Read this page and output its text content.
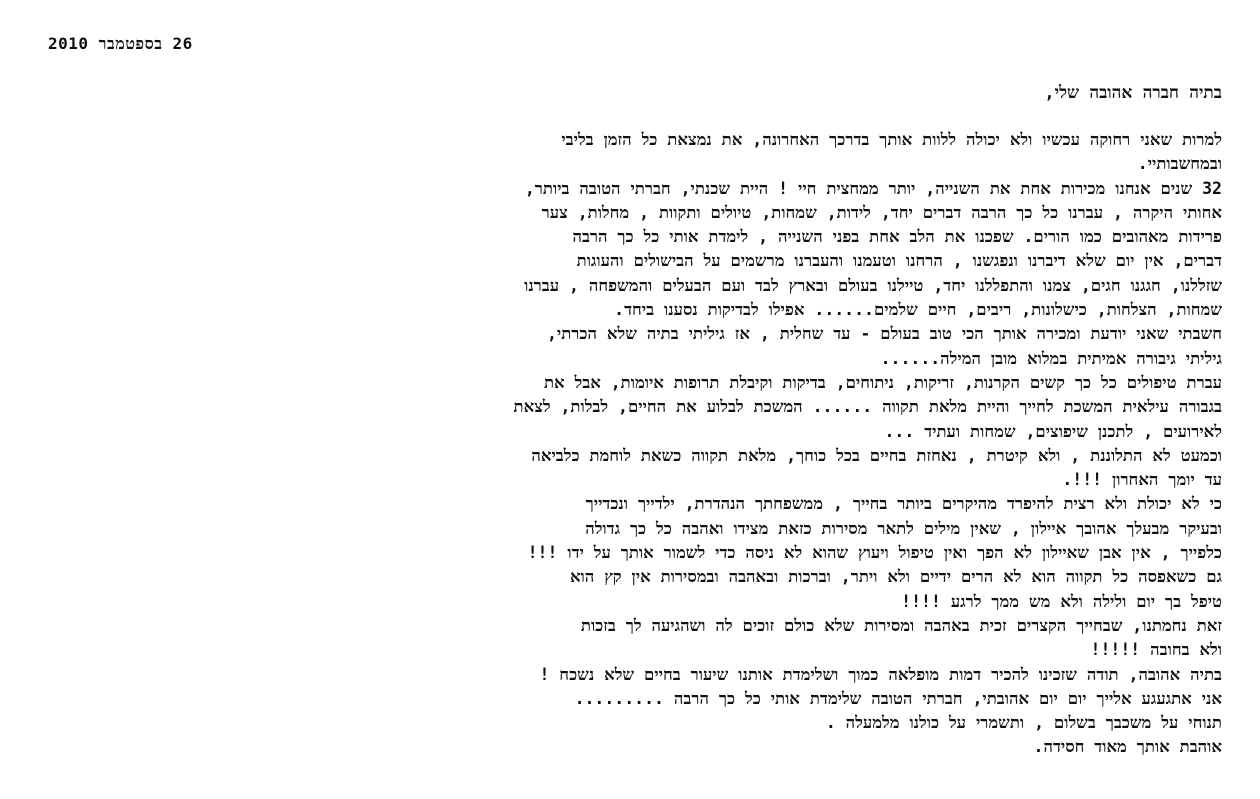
26 בספטמבר 2010
בתיה חברה אהובה שלי,
למרות שאני רחוקה עכשיו ולא יכולה ללוות אותך בדרכך האחרונה, את נמצאת כל הזמן בליבי
ובמחשבותיי.
32 שנים אנחנו מכירות אחת את השנייה, יותר ממחצית חיי ! היית שכנתי, חברתי הטובה ביותר,
אחותי היקרה , עברנו כל כך הרבה דברים יחד, לידות, שמחות, טיולים ותקוות , מחלות, צער
פרידות מאהובים כמו הורים. שפכנו את הלב אחת בפני השנייה , לימדת אותי כל כך הרבה
דברים, אין יום שלא דיברנו ונפגשנו , הרחנו וטעמנו והעברנו מרשמים על הבישולים והעוגות
שזללנו, חגגנו חגים, צמנו והתפללנו יחד, טיילנו בעולם ובארץ לבד ועם הבעלים והמשפחה , עברנו
שמחות, הצלחות, כישלונות, ריבים, חיים שלמים...... אפילו לבדיקות נסענו ביחד.
חשבתי שאני יודעת ומכירה אותך הכי טוב בעולם - עד שחלית , אז גיליתי בתיה שלא הכרתי,
גיליתי גיבורה אמיתית במלוא מובן המילה......
עברת טיפולים כל כך קשים הקרנות, זריקות, ניתוחים, בדיקות וקיבלת תרופות איומות, אבל את
בגבורה עילאית המשכת לחייך והיית מלאת תקווה ...... המשכת לבלוע את החיים, לבלות, לצאת
לאירועים , לתכנן שיפוצים, שמחות ועתיד ...
וכמעט לא התלוננת , ולא קיטרת , נאחזת בחיים בכל כוחך, מלאת תקווה כשאת לוחמת כלביאה
עד יומך האחרון !!!.
כי לא יכולת ולא רצית להיפרד מהיקרים ביותר בחייך , ממשפחתך הנהדרת, ילדייך ונכדייך
ובעיקר מבעלך אהובך איילון , שאין מילים לתאר מסירות כזאת מצידו ואהבה כל כך גדולה
כלפייך , אין אבן שאיילון לא הפך ואין טיפול ויעוץ שהוא לא ניסה כדי לשמור אותך על ידו !!!
גם כשאפסה כל תקווה הוא לא הרים ידיים ולא ויתר, וברכות ובאהבה ובמסירות אין קץ הוא
טיפל בך יום ולילה ולא מש ממך לרגע !!!!
זאת נחמתנו, שבחייך הקצרים זכית באהבה ומסירות שלא כולם זוכים לה ושהגיעה לך בזכות
ולא בחובה !!!!!
בתיה אהובה, תודה שזכינו להכיר דמות מופלאה כמוך ושלימדת אותנו שיעור בחיים שלא נשכח !
אני אתגעגע אלייך יום יום אהובתי, חברתי הטובה שלימדת אותי כל כך הרבה .........
תנוחי על משכבך בשלום , ותשמרי על כולנו מלמעלה .
אוהבת אותך מאוד חסידה.
